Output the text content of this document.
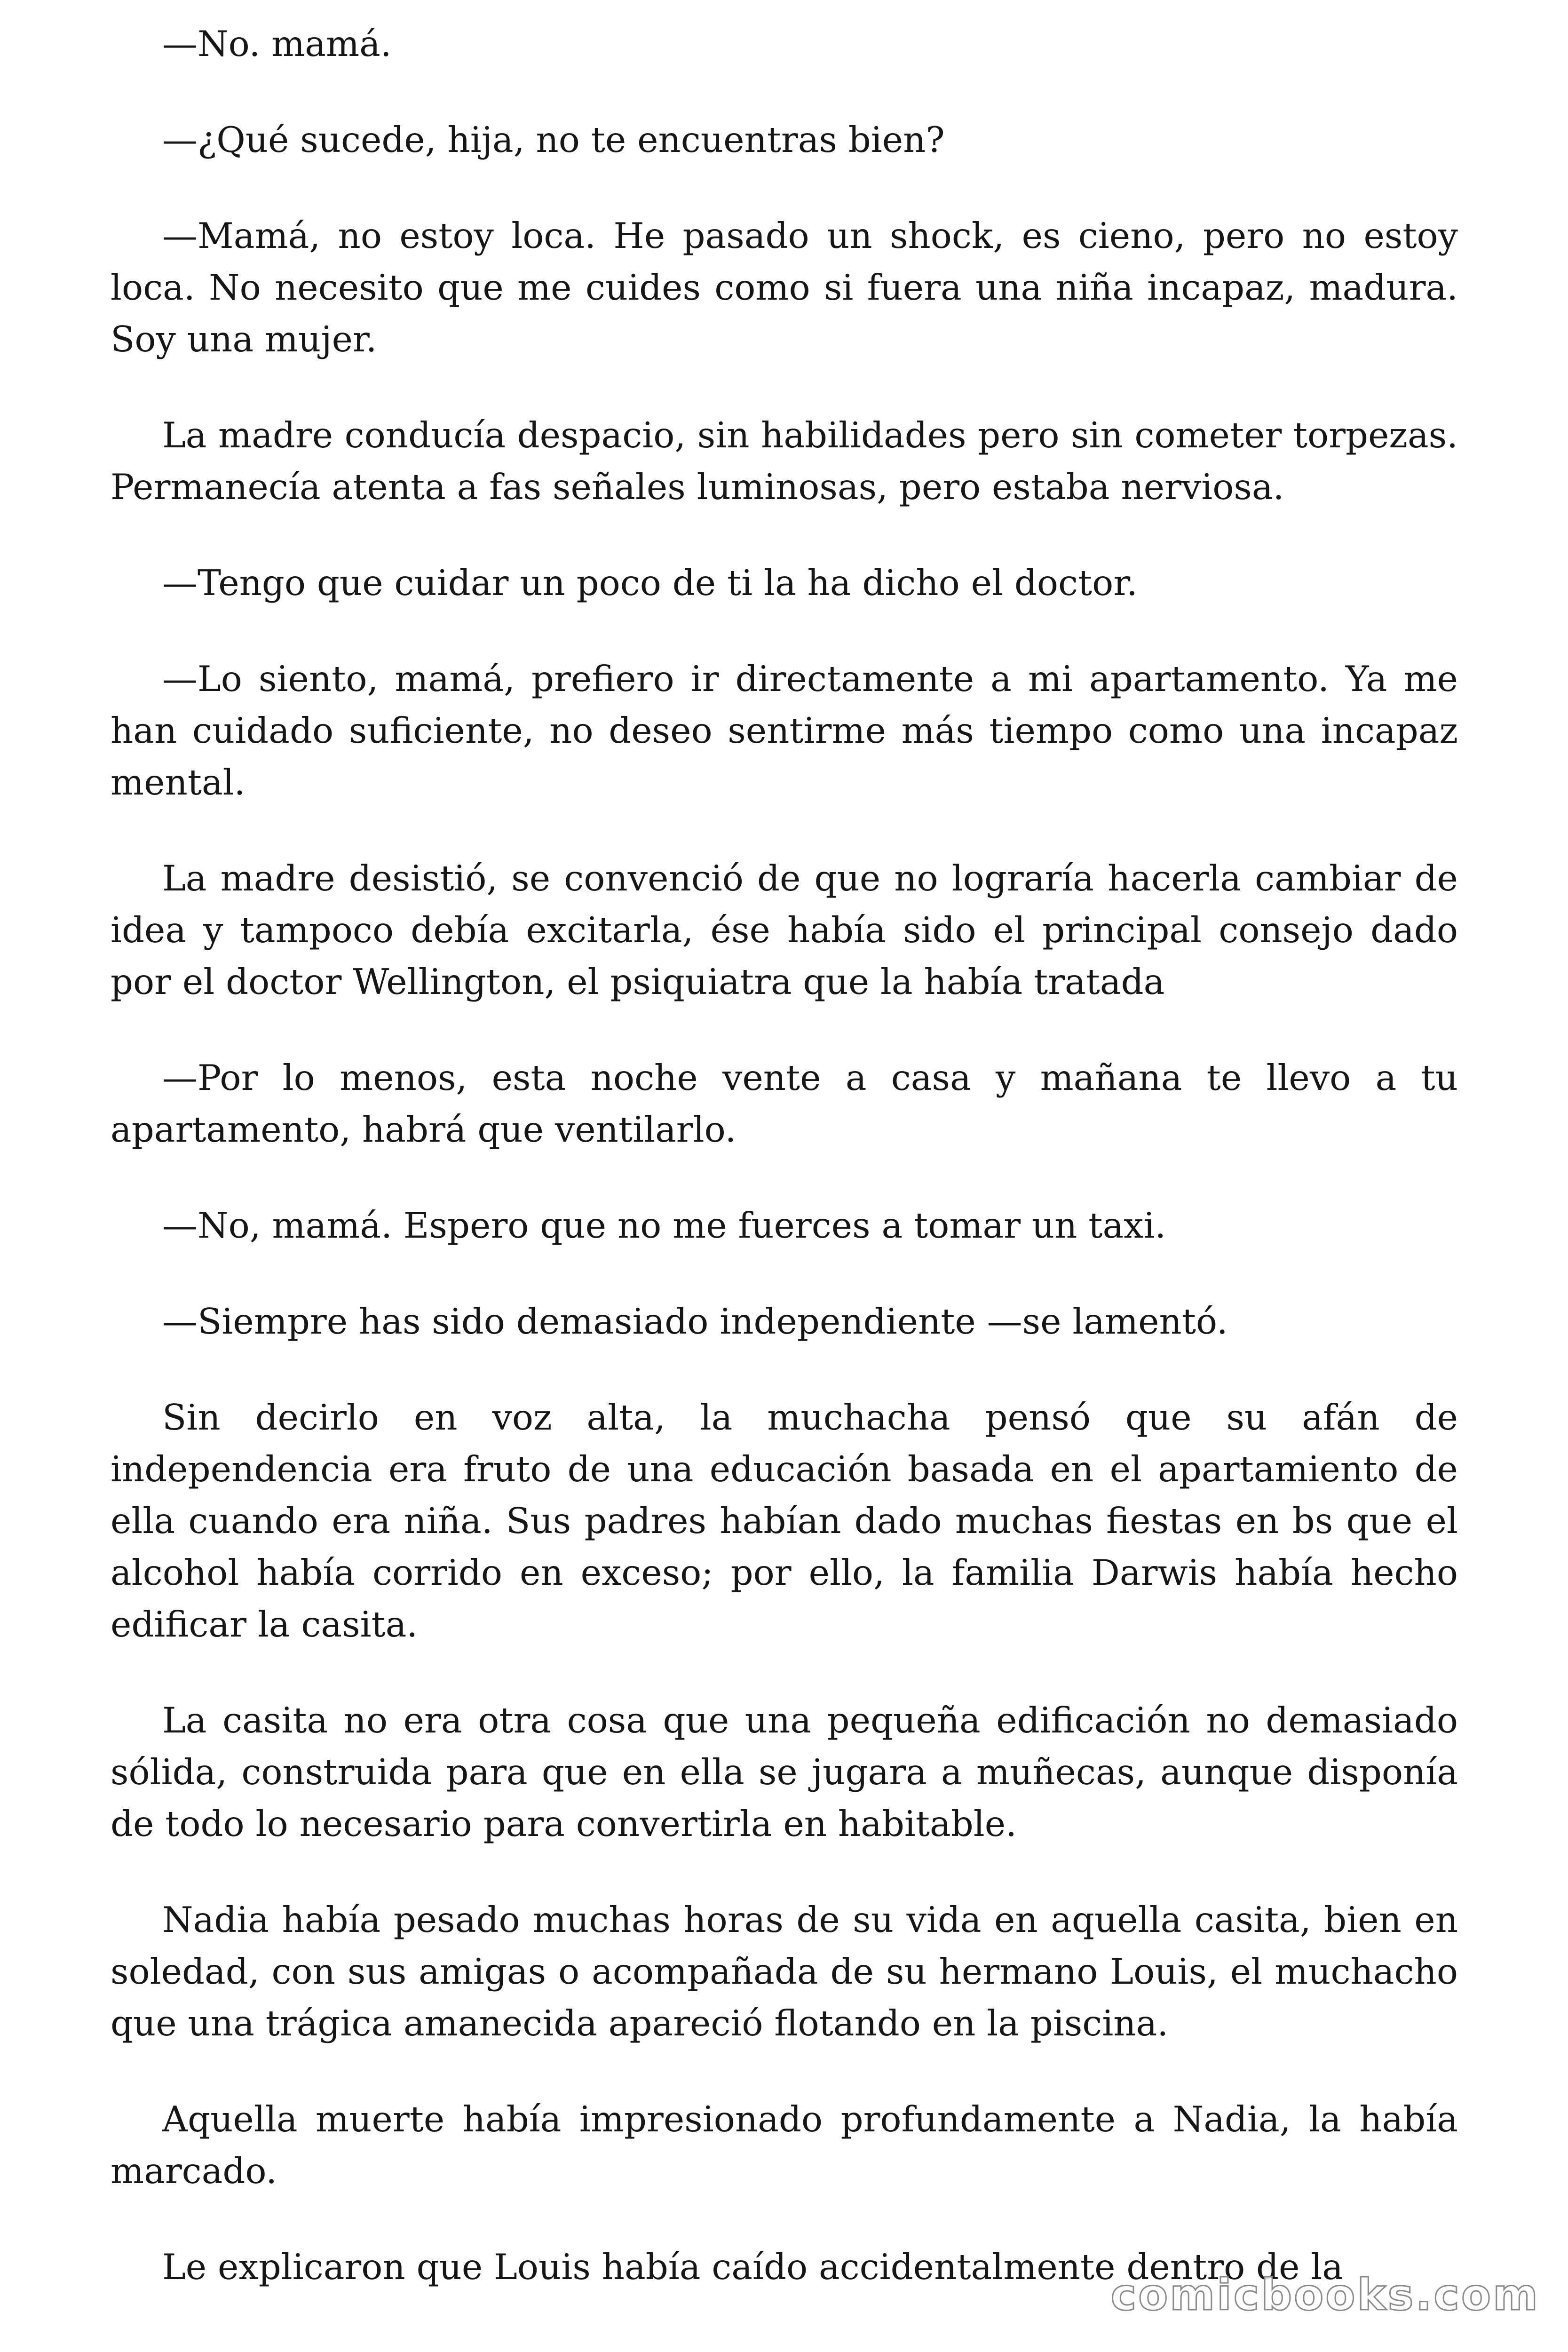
—No. mamá.

—¿Qué sucede, hija, no te encuentras bien?

—Mamá, no estoy loca. He pasado un shock, es cieno, pero no estoy loca. No necesito que me cuides como si fuera una niña incapaz, madura. Soy una mujer.

La madre conducía despacio, sin habilidades pero sin cometer torpezas. Permanecía atenta a fas señales luminosas, pero estaba nerviosa.

—Tengo que cuidar un poco de ti la ha dicho el doctor.

—Lo siento, mamá, prefiero ir directamente a mi apartamento. Ya me han cuidado suficiente, no deseo sentirme más tiempo como una incapaz mental.

La madre desistió, se convenció de que no lograría hacerla cambiar de idea y tampoco debía excitarla, ése había sido el principal consejo dado por el doctor Wellington, el psiquiatra que la había tratada

—Por lo menos, esta noche vente a casa y mañana te llevo a tu apartamento, habrá que ventilarlo.

—No, mamá. Espero que no me fuerces a tomar un taxi.

—Siempre has sido demasiado independiente —se lamentó.

Sin decirlo en voz alta, la muchacha pensó que su afán de independencia era fruto de una educación basada en el apartamiento de ella cuando era niña. Sus padres habían dado muchas fiestas en bs que el alcohol había corrido en exceso; por ello, la familia Darwis había hecho edificar la casita.

La casita no era otra cosa que una pequeña edificación no demasiado sólida, construida para que en ella se jugara a muñecas, aunque disponía de todo lo necesario para convertirla en habitable.

Nadia había pesado muchas horas de su vida en aquella casita, bien en soledad, con sus amigas o acompañada de su hermano Louis, el muchacho que una trágica amanecida apareció flotando en la piscina.

Aquella muerte había impresionado profundamente a Nadia, la había marcado.

Le explicaron que Louis había caído accidentalmente dentro de la

comicbooks.com
